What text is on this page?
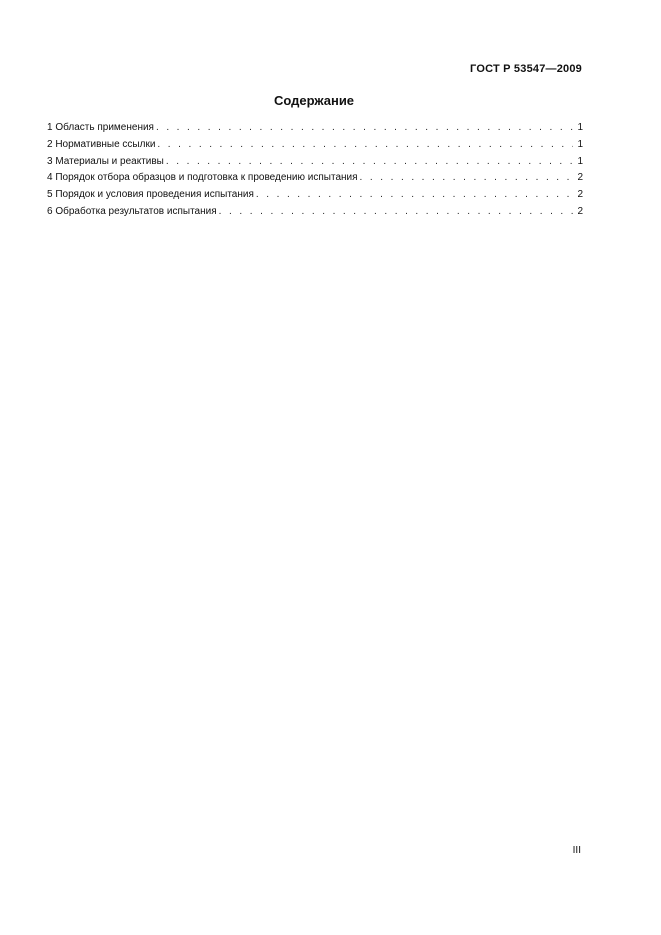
ГОСТ Р 53547—2009
Содержание
1 Область применения . . .	1
2 Нормативные ссылки . . .	1
3 Материалы и реактивы . . .	1
4 Порядок отбора образцов и подготовка к проведению испытания . . .	2
5 Порядок и условия проведения испытания . . .	2
6 Обработка результатов испытания . . .	2
III
